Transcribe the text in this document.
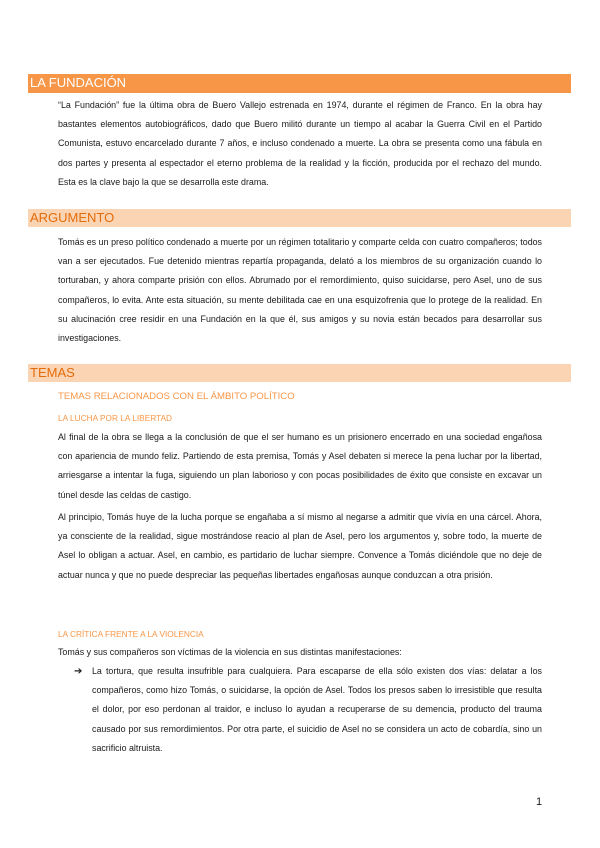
LA FUNDACIÓN

“La Fundación” fue la última obra de Buero Vallejo estrenada en 1974, durante el régimen de Franco. En la obra hay bastantes elementos autobiográficos, dado que Buero militó durante un tiempo al acabar la Guerra Civil en el Partido Comunista, estuvo encarcelado durante 7 años, e incluso condenado a muerte. La obra se presenta como una fábula en dos partes y presenta al espectador el eterno problema de la realidad y la ficción, producida por el rechazo del mundo. Esta es la clave bajo la que se desarrolla este drama.

ARGUMENTO

Tomás es un preso político condenado a muerte por un régimen totalitario y comparte celda con cuatro compañeros; todos van a ser ejecutados. Fue detenido mientras repartía propaganda, delató a los miembros de su organización cuando lo torturaban, y ahora comparte prisión con ellos. Abrumado por el remordimiento, quiso suicidarse, pero Asel, uno de sus compañeros, lo evita. Ante esta situación, su mente debilitada cae en una esquizofrenia que lo protege de la realidad. En su alucinación cree residir en una Fundación en la que él, sus amigos y su novia están becados para desarrollar sus investigaciones.

TEMAS

TEMAS RELACIONADOS CON EL ÁMBITO POLÍTICO

LA LUCHA POR LA LIBERTAD

Al final de la obra se llega a la conclusión de que el ser humano es un prisionero encerrado en una sociedad engañosa con apariencia de mundo feliz. Partiendo de esta premisa, Tomás y Asel debaten si merece la pena luchar por la libertad, arriesgarse a intentar la fuga, siguiendo un plan laborioso y con pocas posibilidades de éxito que consiste en excavar un túnel desde las celdas de castigo.

Al principio, Tomás huye de la lucha porque se engañaba a sí mismo al negarse a admitir que vivía en una cárcel. Ahora, ya consciente de la realidad, sigue mostrándose reacio al plan de Asel, pero los argumentos y, sobre todo, la muerte de Asel lo obligan a actuar. Asel, en cambio, es partidario de luchar siempre. Convence a Tomás diciéndole que no deje de actuar nunca y que no puede despreciar las pequeñas libertades engañosas aunque conduzcan a otra prisión.

LA CRÍTICA FRENTE A LA VIOLENCIA

Tomás y sus compañeros son víctimas de la violencia en sus distintas manifestaciones:

➔ La tortura, que resulta insufrible para cualquiera. Para escaparse de ella sólo existen dos vías: delatar a los compañeros, como hizo Tomás, o suicidarse, la opción de Asel. Todos los presos saben lo irresistible que resulta el dolor, por eso perdonan al traidor, e incluso lo ayudan a recuperarse de su demencia, producto del trauma causado por sus remordimientos. Por otra parte, el suicidio de Asel no se considera un acto de cobardía, sino un sacrificio altruista.

1
